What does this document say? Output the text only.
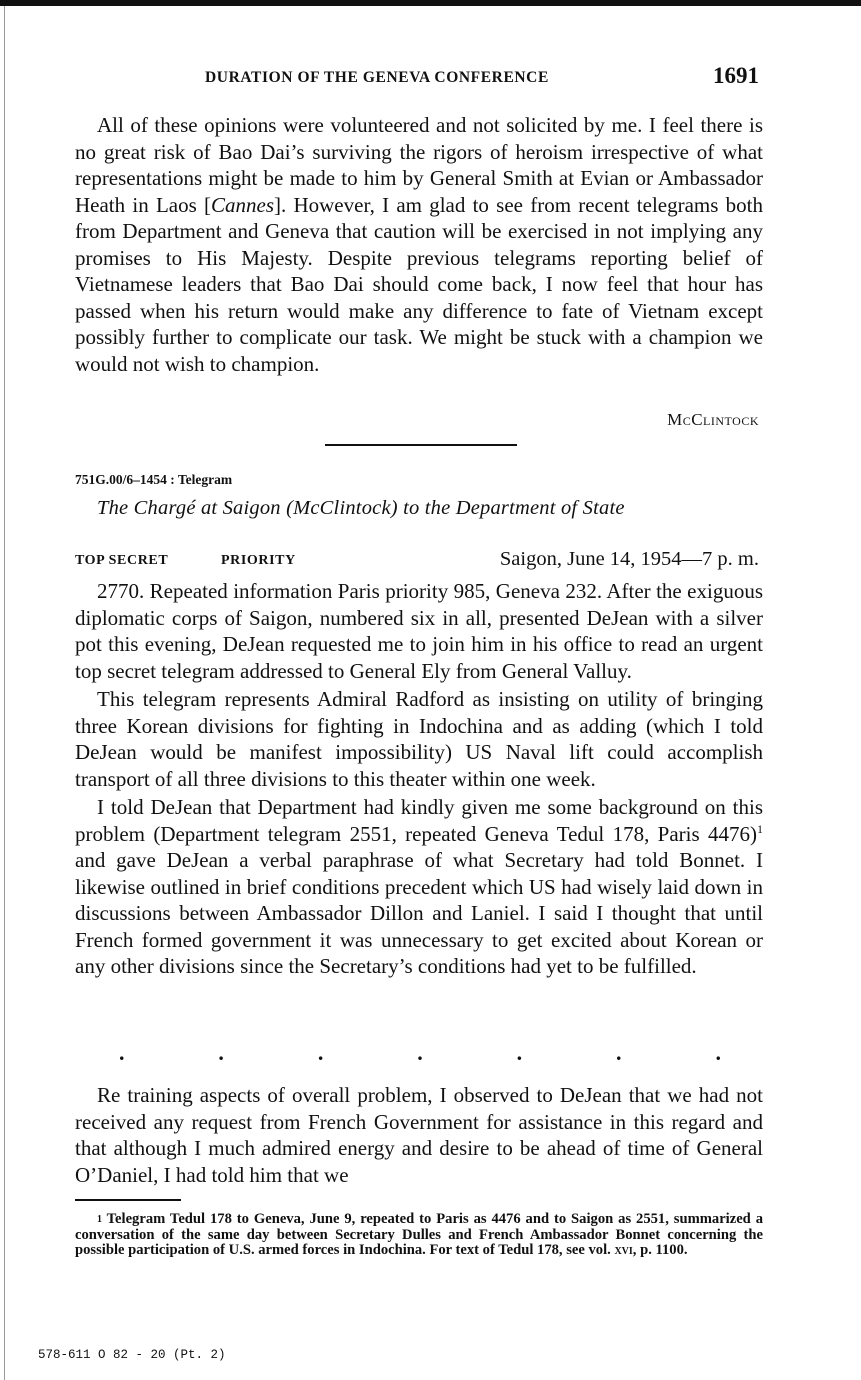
DURATION OF THE GENEVA CONFERENCE	1691

All of these opinions were volunteered and not solicited by me. I feel there is no great risk of Bao Dai’s surviving the rigors of heroism irrespective of what representations might be made to him by General Smith at Evian or Ambassador Heath in Laos [Cannes]. However, I am glad to see from recent telegrams both from Department and Geneva that caution will be exercised in not implying any promises to His Majesty. Despite previous telegrams reporting belief of Vietnamese leaders that Bao Dai should come back, I now feel that hour has passed when his return would make any difference to fate of Vietnam except possibly further to complicate our task. We might be stuck with a champion we would not wish to champion.

McClintock
751G.00/6–1454 : Telegram
The Chargé at Saigon (McClintock) to the Department of State
TOP SECRET	PRIORITY	Saigon, June 14, 1954—7 p. m.

2770. Repeated information Paris priority 985, Geneva 232. After the exiguous diplomatic corps of Saigon, numbered six in all, presented DeJean with a silver pot this evening, DeJean requested me to join him in his office to read an urgent top secret telegram addressed to General Ely from General Valluy.

This telegram represents Admiral Radford as insisting on utility of bringing three Korean divisions for fighting in Indochina and as adding (which I told DeJean would be manifest impossibility) US Naval lift could accomplish transport of all three divisions to this theater within one week.

I told DeJean that Department had kindly given me some background on this problem (Department telegram 2551, repeated Geneva Tedul 178, Paris 4476)$^1$ and gave DeJean a verbal paraphrase of what Secretary had told Bonnet. I likewise outlined in brief conditions precedent which US had wisely laid down in discussions between Ambassador Dillon and Laniel. I said I thought that until French formed government it was unnecessary to get excited about Korean or any other divisions since the Secretary’s conditions had yet to be fulfilled.

.	.	.	.	.	.	.

Re training aspects of overall problem, I observed to DeJean that we had not received any request from French Government for assistance in this regard and that although I much admired energy and desire to be ahead of time of General O’Daniel, I had told him that we

$^1$ Telegram Tedul 178 to Geneva, June 9, repeated to Paris as 4476 and to Saigon as 2551, summarized a conversation of the same day between Secretary Dulles and French Ambassador Bonnet concerning the possible participation of U.S. armed forces in Indochina. For text of Tedul 178, see vol. xvi, p. 1100.

578-611 O 82 - 20 (Pt. 2)
